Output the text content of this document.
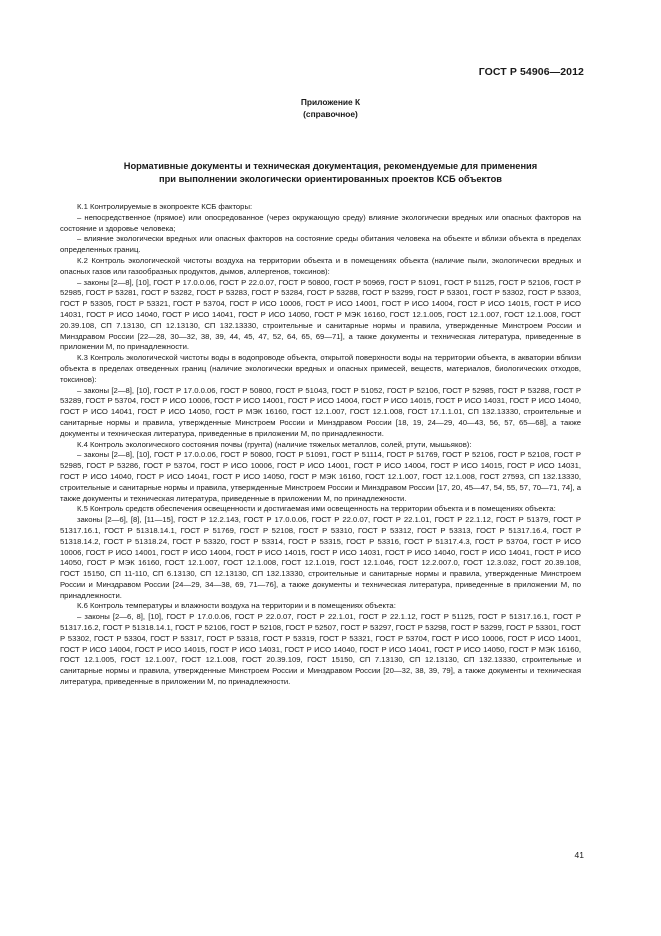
ГОСТ Р 54906—2012
Приложение К
(справочное)
Нормативные документы и техническая документация, рекомендуемые для применения
при выполнении экологически ориентированных проектов КСБ объектов

К.1 Контролируемые в экопроекте КСБ факторы:

– непосредственное (прямое) или опосредованное (через окружающую среду) влияние экологически вредных или опасных факторов на состояние и здоровье человека;

– влияние экологически вредных или опасных факторов на состояние среды обитания человека на объекте и вблизи объекта в пределах определенных границ.

К.2 Контроль экологической чистоты воздуха на территории объекта и в помещениях объекта (наличие пыли, экологически вредных и опасных газов или газообразных продуктов, дымов, аллергенов, токсинов):

– законы [2—8], [10], ГОСТ Р 17.0.0.06, ГОСТ Р 22.0.07, ГОСТ Р 50800, ГОСТ Р 50969, ГОСТ Р 51091, ГОСТ Р 51125, ГОСТ Р 52106, ГОСТ Р 52985, ГОСТ Р 53281, ГОСТ Р 53282, ГОСТ Р 53283, ГОСТ Р 53284, ГОСТ Р 53288, ГОСТ Р 53299, ГОСТ Р 53301, ГОСТ Р 53302, ГОСТ Р 53303, ГОСТ Р 53305, ГОСТ Р 53321, ГОСТ Р 53704, ГОСТ Р ИСО 10006, ГОСТ Р ИСО 14001, ГОСТ Р ИСО 14004, ГОСТ Р ИСО 14015, ГОСТ Р ИСО 14031, ГОСТ Р ИСО 14040, ГОСТ Р ИСО 14041, ГОСТ Р ИСО 14050, ГОСТ Р МЭК 16160, ГОСТ 12.1.005, ГОСТ 12.1.007, ГОСТ 12.1.008, ГОСТ 20.39.108, СП 7.13130, СП 12.13130, СП 132.13330, строительные и санитарные нормы и правила, утвержденные Минстроем России и Минздравом России [22—28, 30—32, 38, 39, 44, 45, 47, 52, 64, 65, 69—71], а также документы и техническая литература, приведенные в приложении М, по принадлежности.

К.3 Контроль экологической чистоты воды в водопроводе объекта, открытой поверхности воды на территории объекта, в акватории вблизи объекта в пределах отведенных границ (наличие экологически вредных и опасных примесей, веществ, материалов, биологических отходов, токсинов):

– законы [2—8], [10], ГОСТ Р 17.0.0.06, ГОСТ Р 50800, ГОСТ Р 51043, ГОСТ Р 51052, ГОСТ Р 52106, ГОСТ Р 52985, ГОСТ Р 53288, ГОСТ Р 53289, ГОСТ Р 53704, ГОСТ Р ИСО 10006, ГОСТ Р ИСО 14001, ГОСТ Р ИСО 14004, ГОСТ Р ИСО 14015, ГОСТ Р ИСО 14031, ГОСТ Р ИСО 14040, ГОСТ Р ИСО 14041, ГОСТ Р ИСО 14050, ГОСТ Р МЭК 16160, ГОСТ 12.1.007, ГОСТ 12.1.008, ГОСТ 17.1.1.01, СП 132.13330, строительные и санитарные нормы и правила, утвержденные Минстроем России и Минздравом России [18, 19, 24—29, 40—43, 56, 57, 65—68], а также документы и техническая литература, приведенные в приложении М, по принадлежности.

К.4 Контроль экологического состояния почвы (грунта) (наличие тяжелых металлов, солей, ртути, мышьяков):

– законы [2—8], [10], ГОСТ Р 17.0.0.06, ГОСТ Р 50800, ГОСТ Р 51091, ГОСТ Р 51114, ГОСТ Р 51769, ГОСТ Р 52106, ГОСТ Р 52108, ГОСТ Р 52985, ГОСТ Р 53286, ГОСТ Р 53704, ГОСТ Р ИСО 10006, ГОСТ Р ИСО 14001, ГОСТ Р ИСО 14004, ГОСТ Р ИСО 14015, ГОСТ Р ИСО 14031, ГОСТ Р ИСО 14040, ГОСТ Р ИСО 14041, ГОСТ Р ИСО 14050, ГОСТ Р МЭК 16160, ГОСТ 12.1.007, ГОСТ 12.1.008, ГОСТ 27593, СП 132.13330, строительные и санитарные нормы и правила, утвержденные Минстроем России и Минздравом России [17, 20, 45—47, 54, 55, 57, 70—71, 74], а также документы и техническая литература, приведенные в приложении М, по принадлежности.

К.5 Контроль средств обеспечения освещенности и достигаемая ими освещенность на территории объекта и в помещениях объекта:

законы [2—6], [8], [11—15], ГОСТ Р 12.2.143, ГОСТ Р 17.0.0.06, ГОСТ Р 22.0.07, ГОСТ Р 22.1.01, ГОСТ Р 22.1.12, ГОСТ Р 51379, ГОСТ Р 51317.16.1, ГОСТ Р 51318.14.1, ГОСТ Р 51769, ГОСТ Р 52108, ГОСТ Р 53310, ГОСТ Р 53312, ГОСТ Р 53313, ГОСТ Р 51317.16.4, ГОСТ Р 51318.14.2, ГОСТ Р 51318.24, ГОСТ Р 53320, ГОСТ Р 53314, ГОСТ Р 53315, ГОСТ Р 53316, ГОСТ Р 51317.4.3, ГОСТ Р 53704, ГОСТ Р ИСО 10006, ГОСТ Р ИСО 14001, ГОСТ Р ИСО 14004, ГОСТ Р ИСО 14015, ГОСТ Р ИСО 14031, ГОСТ Р ИСО 14040, ГОСТ Р ИСО 14041, ГОСТ Р ИСО 14050, ГОСТ Р МЭК 16160, ГОСТ 12.1.007, ГОСТ 12.1.008, ГОСТ 12.1.019, ГОСТ 12.1.046, ГОСТ 12.2.007.0, ГОСТ 12.3.032, ГОСТ 20.39.108, ГОСТ 15150, СП 11-110, СП 6.13130, СП 12.13130, СП 132.13330, строительные и санитарные нормы и правила, утвержденные Минстроем России и Минздравом России [24—29, 34—38, 69, 71—76], а также документы и техническая литература, приведенные в приложении М, по принадлежности.

К.6 Контроль температуры и влажности воздуха на территории и в помещениях объекта:

– законы [2—6, 8], [10], ГОСТ Р 17.0.0.06, ГОСТ Р 22.0.07, ГОСТ Р 22.1.01, ГОСТ Р 22.1.12, ГОСТ Р 51125, ГОСТ Р 51317.16.1, ГОСТ Р 51317.16.2, ГОСТ Р 51318.14.1, ГОСТ Р 52106, ГОСТ Р 52108, ГОСТ Р 52507, ГОСТ Р 53297, ГОСТ Р 53298, ГОСТ Р 53299, ГОСТ Р 53301, ГОСТ Р 53302, ГОСТ Р 53304, ГОСТ Р 53317, ГОСТ Р 53318, ГОСТ Р 53319, ГОСТ Р 53321, ГОСТ Р 53704, ГОСТ Р ИСО 10006, ГОСТ Р ИСО 14001, ГОСТ Р ИСО 14004, ГОСТ Р ИСО 14015, ГОСТ Р ИСО 14031, ГОСТ Р ИСО 14040, ГОСТ Р ИСО 14041, ГОСТ Р ИСО 14050, ГОСТ Р МЭК 16160, ГОСТ 12.1.005, ГОСТ 12.1.007, ГОСТ 12.1.008, ГОСТ 20.39.109, ГОСТ 15150, СП 7.13130, СП 12.13130, СП 132.13330, строительные и санитарные нормы и правила, утвержденные Минстроем России и Минздравом России [20—32, 38, 39, 79], а также документы и техническая литература, приведенные в приложении М, по принадлежности.

41
